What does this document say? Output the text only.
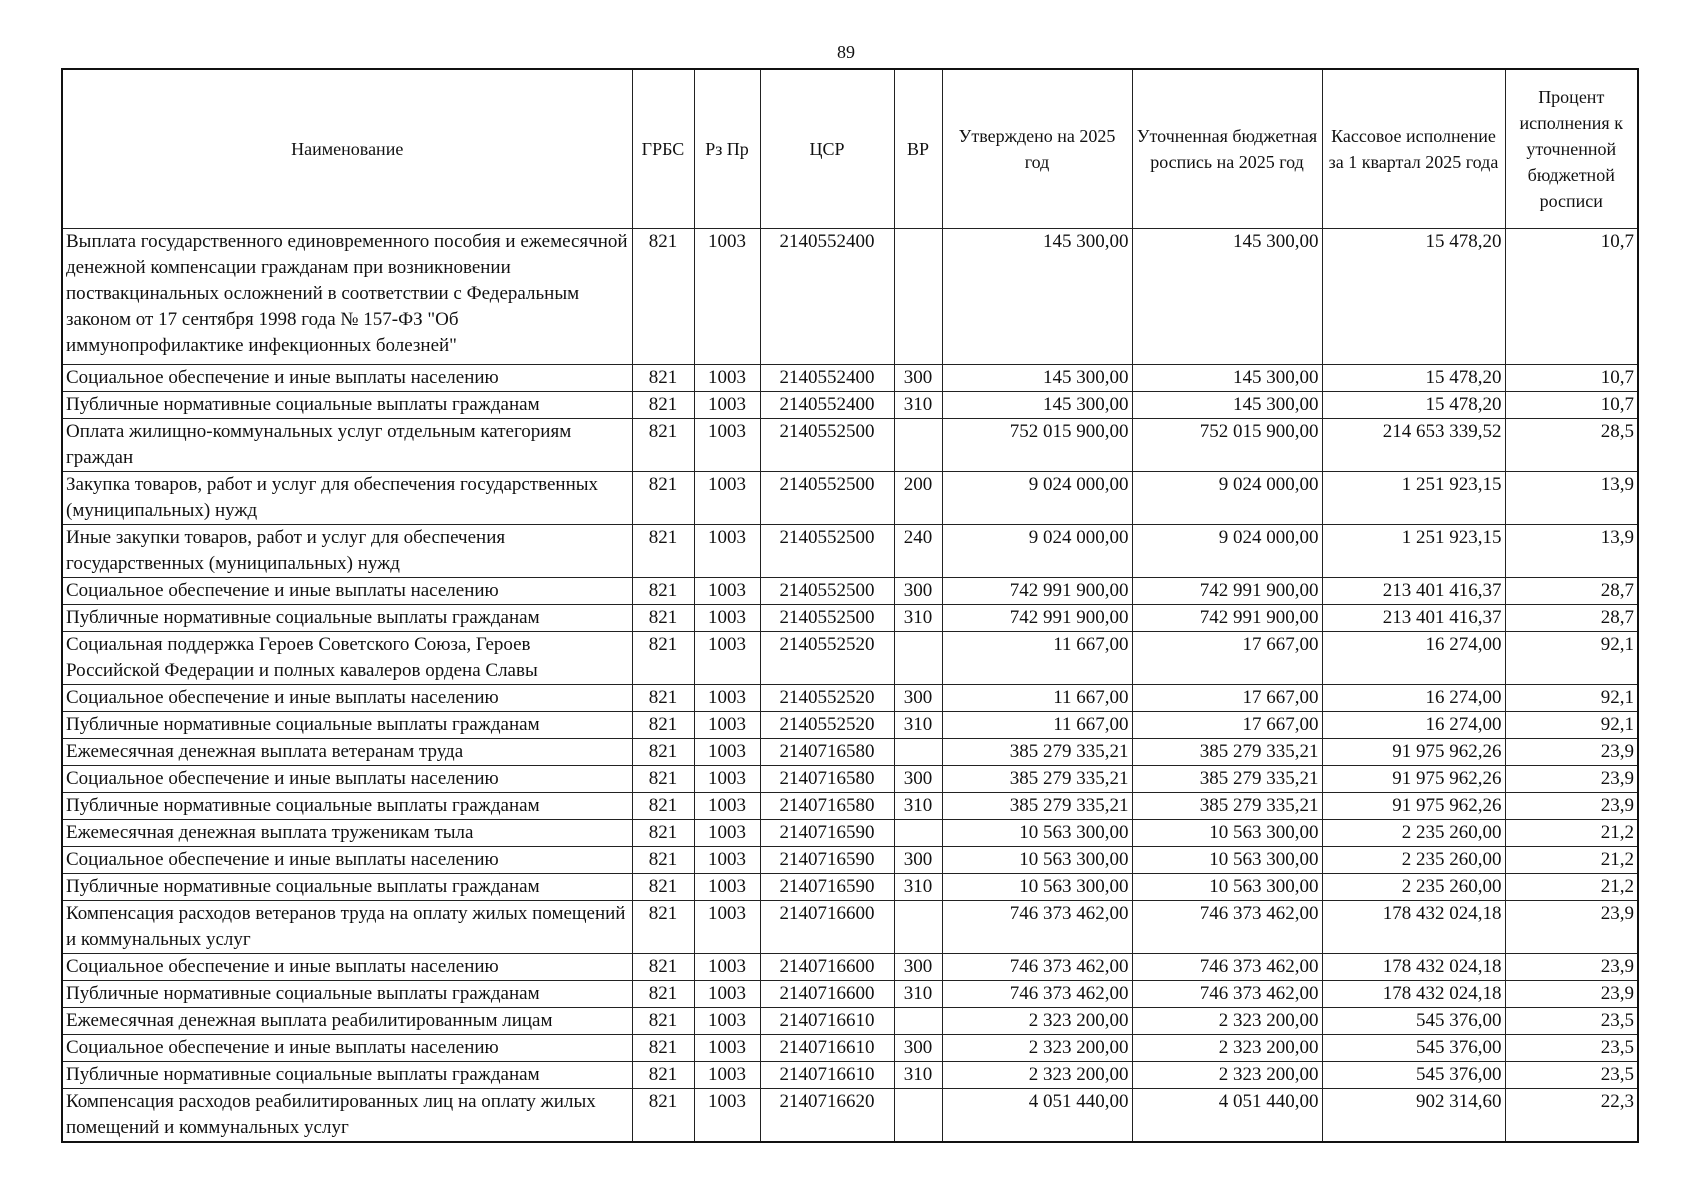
89
Наименование	ГРБС	Рз Пр	ЦСР	ВР	Утверждено на 2025 год	Уточненная бюджетная роспись на 2025 год	Кассовое исполнение за 1 квартал 2025 года	Процент исполнения к уточненной бюджетной росписи
Выплата государственного единовременного пособия и ежемесячной денежной компенсации гражданам при возникновении поствакцинальных осложнений в соответствии с Федеральным законом от 17 сентября 1998 года № 157-ФЗ "Об иммунопрофилактике инфекционных болезней"	821	1003	2140552400		145 300,00	145 300,00	15 478,20	10,7
Социальное обеспечение и иные выплаты населению	821	1003	2140552400	300	145 300,00	145 300,00	15 478,20	10,7
Публичные нормативные социальные выплаты гражданам	821	1003	2140552400	310	145 300,00	145 300,00	15 478,20	10,7
Оплата жилищно-коммунальных услуг отдельным категориям граждан	821	1003	2140552500		752 015 900,00	752 015 900,00	214 653 339,52	28,5
Закупка товаров, работ и услуг для обеспечения государственных (муниципальных) нужд	821	1003	2140552500	200	9 024 000,00	9 024 000,00	1 251 923,15	13,9
Иные закупки товаров, работ и услуг для обеспечения государственных (муниципальных) нужд	821	1003	2140552500	240	9 024 000,00	9 024 000,00	1 251 923,15	13,9
Социальное обеспечение и иные выплаты населению	821	1003	2140552500	300	742 991 900,00	742 991 900,00	213 401 416,37	28,7
Публичные нормативные социальные выплаты гражданам	821	1003	2140552500	310	742 991 900,00	742 991 900,00	213 401 416,37	28,7
Социальная поддержка Героев Советского Союза, Героев Российской Федерации и полных кавалеров ордена Славы	821	1003	2140552520		11 667,00	17 667,00	16 274,00	92,1
Социальное обеспечение и иные выплаты населению	821	1003	2140552520	300	11 667,00	17 667,00	16 274,00	92,1
Публичные нормативные социальные выплаты гражданам	821	1003	2140552520	310	11 667,00	17 667,00	16 274,00	92,1
Ежемесячная денежная выплата ветеранам труда	821	1003	2140716580		385 279 335,21	385 279 335,21	91 975 962,26	23,9
Социальное обеспечение и иные выплаты населению	821	1003	2140716580	300	385 279 335,21	385 279 335,21	91 975 962,26	23,9
Публичные нормативные социальные выплаты гражданам	821	1003	2140716580	310	385 279 335,21	385 279 335,21	91 975 962,26	23,9
Ежемесячная денежная выплата труженикам тыла	821	1003	2140716590		10 563 300,00	10 563 300,00	2 235 260,00	21,2
Социальное обеспечение и иные выплаты населению	821	1003	2140716590	300	10 563 300,00	10 563 300,00	2 235 260,00	21,2
Публичные нормативные социальные выплаты гражданам	821	1003	2140716590	310	10 563 300,00	10 563 300,00	2 235 260,00	21,2
Компенсация расходов ветеранов труда на оплату жилых помещений и коммунальных услуг	821	1003	2140716600		746 373 462,00	746 373 462,00	178 432 024,18	23,9
Социальное обеспечение и иные выплаты населению	821	1003	2140716600	300	746 373 462,00	746 373 462,00	178 432 024,18	23,9
Публичные нормативные социальные выплаты гражданам	821	1003	2140716600	310	746 373 462,00	746 373 462,00	178 432 024,18	23,9
Ежемесячная денежная выплата реабилитированным лицам	821	1003	2140716610		2 323 200,00	2 323 200,00	545 376,00	23,5
Социальное обеспечение и иные выплаты населению	821	1003	2140716610	300	2 323 200,00	2 323 200,00	545 376,00	23,5
Публичные нормативные социальные выплаты гражданам	821	1003	2140716610	310	2 323 200,00	2 323 200,00	545 376,00	23,5
Компенсация расходов реабилитированных лиц на оплату жилых помещений и коммунальных услуг	821	1003	2140716620		4 051 440,00	4 051 440,00	902 314,60	22,3
